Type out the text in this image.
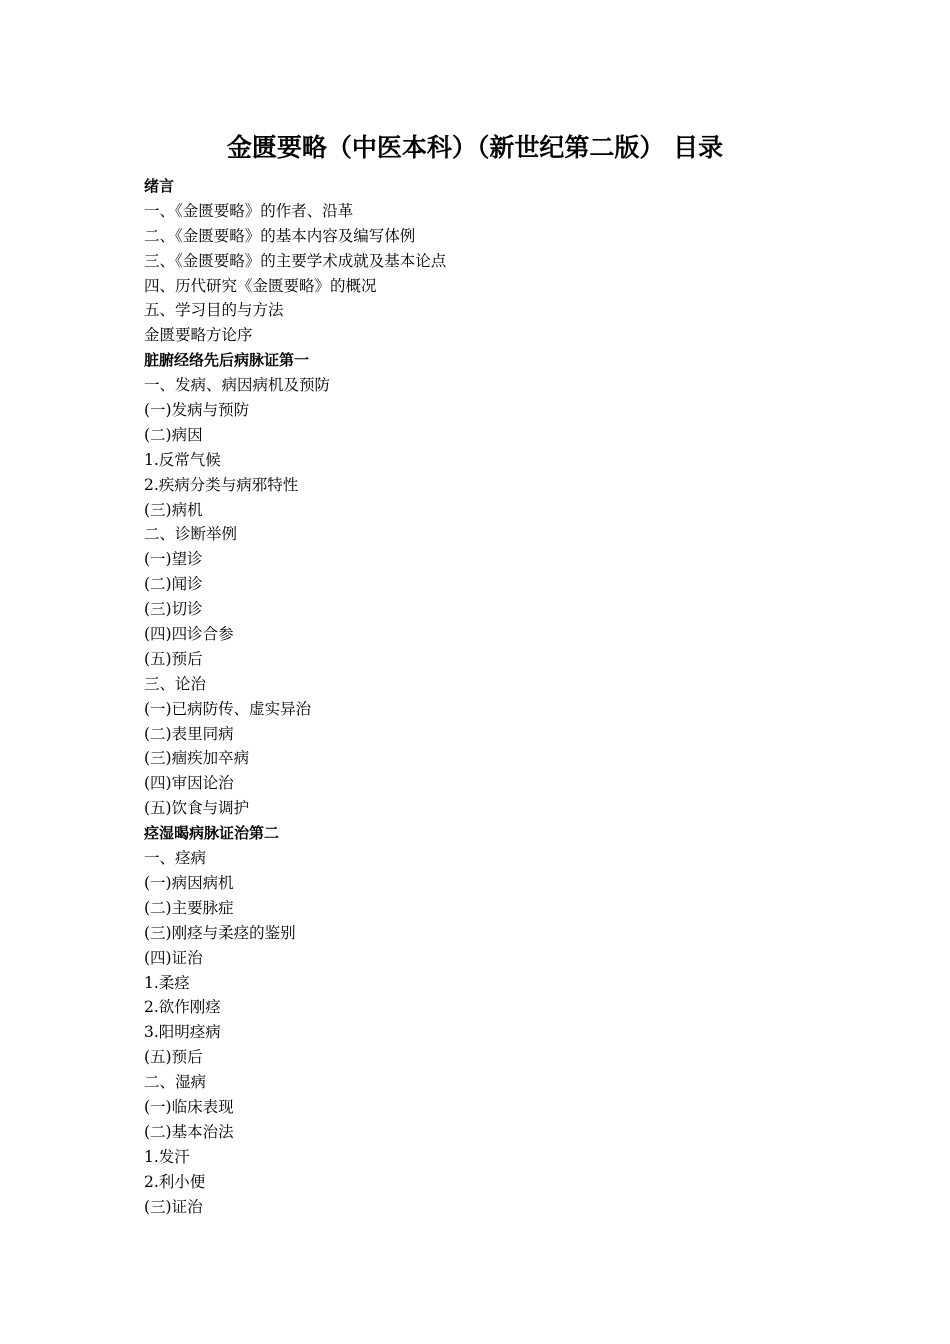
金匮要略（中医本科）（新世纪第二版） 目录
绪言
一、《金匮要略》的作者、沿革
二、《金匮要略》的基本内容及编写体例
三、《金匮要略》的主要学术成就及基本论点
四、历代研究《金匮要略》的概况
五、学习目的与方法
金匮要略方论序
脏腑经络先后病脉证第一
一、发病、病因病机及预防
(一)发病与预防
(二)病因
1.反常气候
2.疾病分类与病邪特性
(三)病机
二、诊断举例
(一)望诊
(二)闻诊
(三)切诊
(四)四诊合参
(五)预后
三、论治
(一)已病防传、虚实异治
(二)表里同病
(三)痼疾加卒病
(四)审因论治
(五)饮食与调护
痉湿暍病脉证治第二
一、痉病
(一)病因病机
(二)主要脉症
(三)刚痉与柔痉的鉴别
(四)证治
1.柔痉
2.欲作刚痉
3.阳明痉病
(五)预后
二、湿病
(一)临床表现
(二)基本治法
1.发汗
2.利小便
(三)证治
